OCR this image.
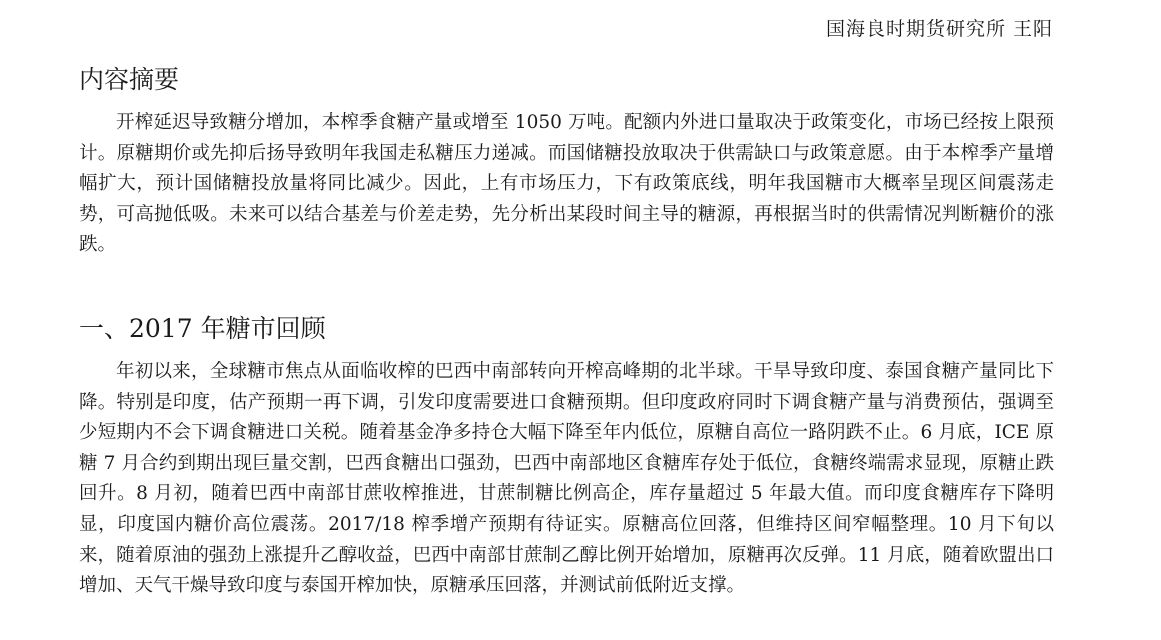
国海良时期货研究所 王阳
内容摘要

开榨延迟导致糖分增加，本榨季食糖产量或增至 1050 万吨。配额内外进口量取决于政策变化，市场已经按上限预计。原糖期价或先抑后扬导致明年我国走私糖压力递减。而国储糖投放取决于供需缺口与政策意愿。由于本榨季产量增幅扩大，预计国储糖投放量将同比减少。因此，上有市场压力，下有政策底线，明年我国糖市大概率呈现区间震荡走势，可高抛低吸。未来可以结合基差与价差走势，先分析出某段时间主导的糖源，再根据当时的供需情况判断糖价的涨跌。

一、2017 年糖市回顾

年初以来，全球糖市焦点从面临收榨的巴西中南部转向开榨高峰期的北半球。干旱导致印度、泰国食糖产量同比下降。特别是印度，估产预期一再下调，引发印度需要进口食糖预期。但印度政府同时下调食糖产量与消费预估，强调至少短期内不会下调食糖进口关税。随着基金净多持仓大幅下降至年内低位，原糖自高位一路阴跌不止。6 月底，ICE 原糖 7 月合约到期出现巨量交割，巴西食糖出口强劲，巴西中南部地区食糖库存处于低位，食糖终端需求显现，原糖止跌回升。8 月初，随着巴西中南部甘蔗收榨推进，甘蔗制糖比例高企，库存量超过 5 年最大值。而印度食糖库存下降明显，印度国内糖价高位震荡。2017/18 榨季增产预期有待证实。原糖高位回落，但维持区间窄幅整理。10 月下旬以来，随着原油的强劲上涨提升乙醇收益，巴西中南部甘蔗制乙醇比例开始增加，原糖再次反弹。11 月底，随着欧盟出口增加、天气干燥导致印度与泰国开榨加快，原糖承压回落，并测试前低附近支撑。
